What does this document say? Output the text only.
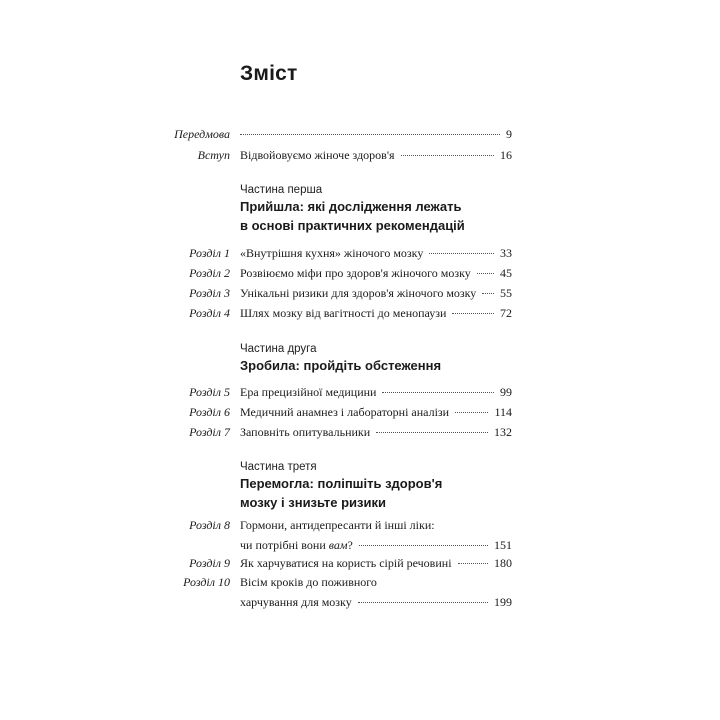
Зміст
Передмова	9
Вступ Відвойовуємо жіноче здоров'я	16
Частина перша
Прийшла: які дослідження лежать
в основі практичних рекомендацій
Розділ 1 «Внутрішня кухня» жіночого мозку	33
Розділ 2 Розвіюємо міфи про здоров'я жіночого мозку 45
Розділ 3 Унікальні ризики для здоров'я жіночого мозку 55
Розділ 4 Шлях мозку від вагітності до менопаузи	72
Частина друга
Зробила: пройдіть обстеження
Розділ 5 Ера прецизійної медицини	99
Розділ 6 Медичний анамнез і лабораторні аналізи	114
Розділ 7 Заповніть опитувальники	132
Частина третя
Перемогла: поліпшіть здоров'я
мозку і знизьте ризики
Розділ 8 Гормони, антидепресанти й інші ліки:
чи потрібні вони вам?	151
Розділ 9 Як харчуватися на користь сірій речовині	180
Розділ 10 Вісім кроків до поживного
харчування для мозку	199
